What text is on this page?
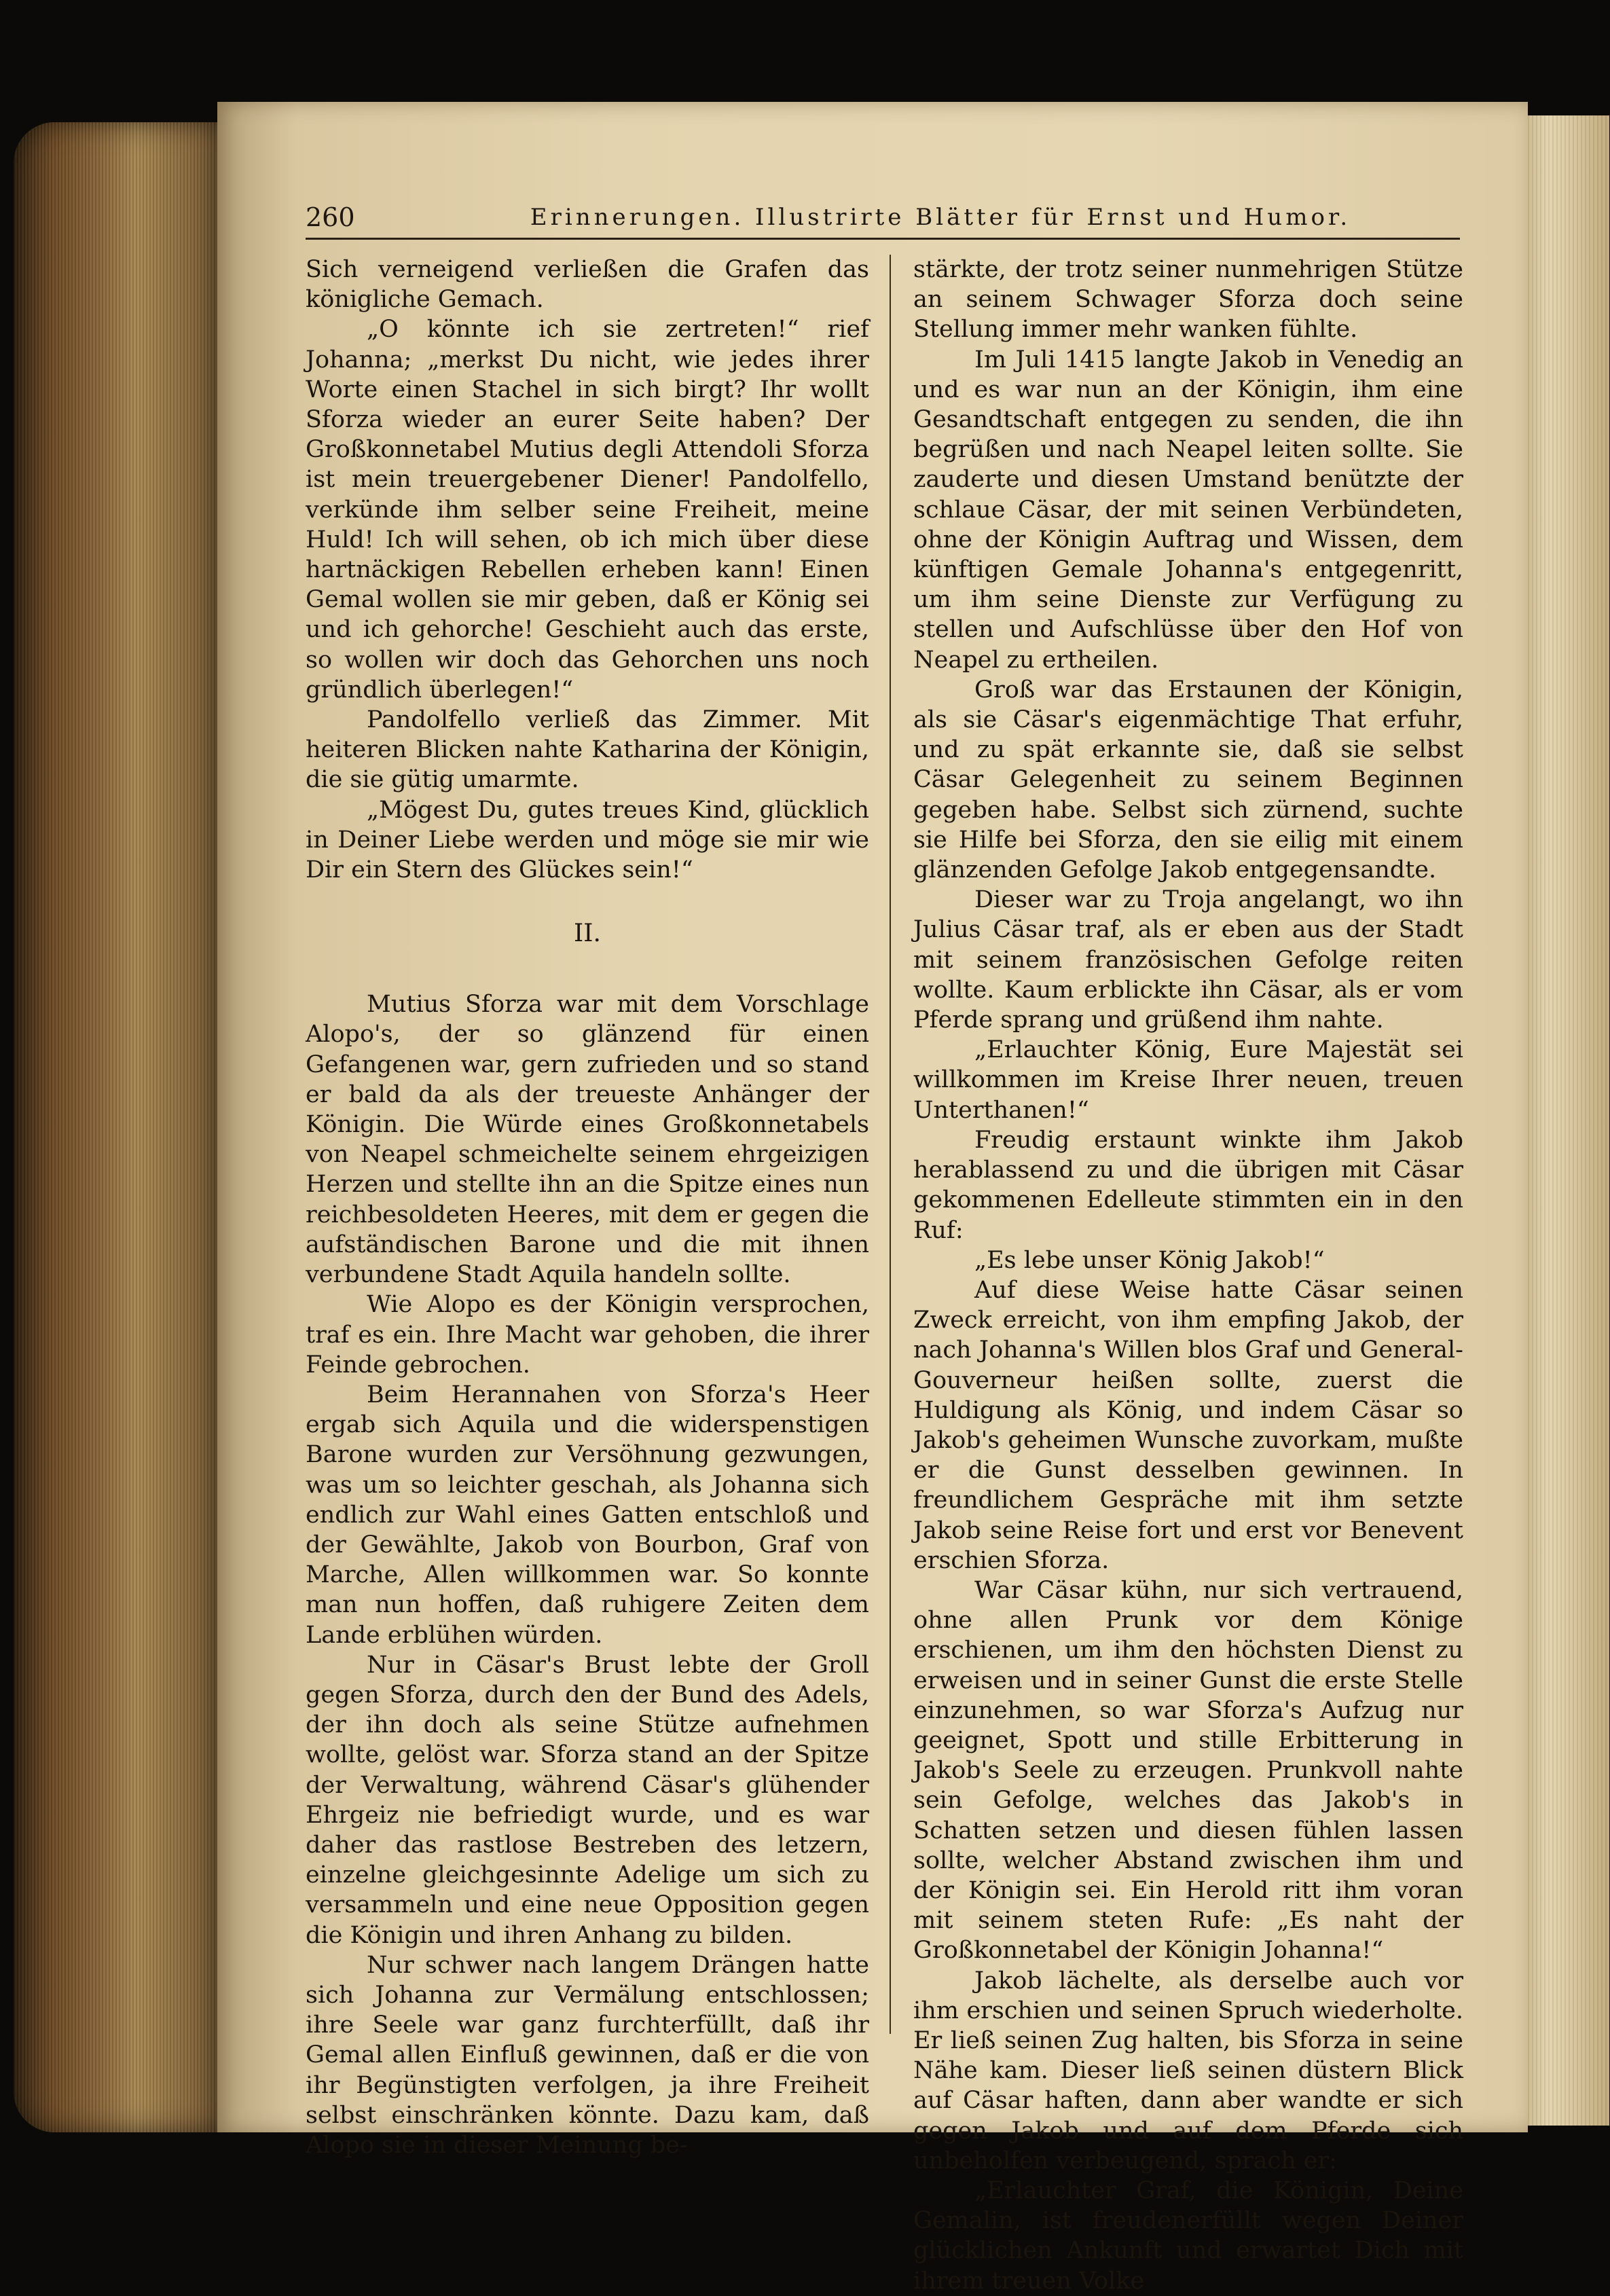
260	Erinnerungen. Illustrirte Blätter für Ernst und Humor.

Sich verneigend verließen die Grafen das königliche Gemach.

„O könnte ich sie zertreten!“ rief Johanna; „merkst Du nicht, wie jedes ihrer Worte einen Stachel in sich birgt? Ihr wollt Sforza wieder an eurer Seite haben? Der Großkonnetabel Mutius degli Attendoli Sforza ist mein treuergebener Diener! Pandolfello, verkünde ihm selber seine Freiheit, meine Huld! Ich will sehen, ob ich mich über diese hartnäckigen Rebellen erheben kann! Einen Gemal wollen sie mir geben, daß er König sei und ich gehorche! Geschieht auch das erste, so wollen wir doch das Gehorchen uns noch gründlich überlegen!“

Pandolfello verließ das Zimmer. Mit heiteren Blicken nahte Katharina der Königin, die sie gütig umarmte.

„Mögest Du, gutes treues Kind, glücklich in Deiner Liebe werden und möge sie mir wie Dir ein Stern des Glückes sein!“

II.

Mutius Sforza war mit dem Vorschlage Alopo's, der so glänzend für einen Gefangenen war, gern zufrieden und so stand er bald da als der treueste Anhänger der Königin. Die Würde eines Großkonnetabels von Neapel schmeichelte seinem ehrgeizigen Herzen und stellte ihn an die Spitze eines nun reichbesoldeten Heeres, mit dem er gegen die aufständischen Barone und die mit ihnen verbundene Stadt Aquila handeln sollte.

Wie Alopo es der Königin versprochen, traf es ein. Ihre Macht war gehoben, die ihrer Feinde gebrochen.

Beim Herannahen von Sforza's Heer ergab sich Aquila und die widerspenstigen Barone wurden zur Versöhnung gezwungen, was um so leichter geschah, als Johanna sich endlich zur Wahl eines Gatten entschloß und der Gewählte, Jakob von Bourbon, Graf von Marche, Allen willkommen war. So konnte man nun hoffen, daß ruhigere Zeiten dem Lande erblühen würden.

Nur in Cäsar's Brust lebte der Groll gegen Sforza, durch den der Bund des Adels, der ihn doch als seine Stütze aufnehmen wollte, gelöst war. Sforza stand an der Spitze der Verwaltung, während Cäsar's glühender Ehrgeiz nie befriedigt wurde, und es war daher das rastlose Bestreben des letzern, einzelne gleichgesinnte Adelige um sich zu versammeln und eine neue Opposition gegen die Königin und ihren Anhang zu bilden.

Nur schwer nach langem Drängen hatte sich Johanna zur Vermälung entschlossen; ihre Seele war ganz furchterfüllt, daß ihr Gemal allen Einfluß gewinnen, daß er die von ihr Begünstigten verfolgen, ja ihre Freiheit selbst einschränken könnte. Dazu kam, daß Alopo sie in dieser Meinung be-

stärkte, der trotz seiner nunmehrigen Stütze an seinem Schwager Sforza doch seine Stellung immer mehr wanken fühlte.

Im Juli 1415 langte Jakob in Venedig an und es war nun an der Königin, ihm eine Gesandtschaft entgegen zu senden, die ihn begrüßen und nach Neapel leiten sollte. Sie zauderte und diesen Umstand benützte der schlaue Cäsar, der mit seinen Verbündeten, ohne der Königin Auftrag und Wissen, dem künftigen Gemale Johanna's entgegenritt, um ihm seine Dienste zur Verfügung zu stellen und Aufschlüsse über den Hof von Neapel zu ertheilen.

Groß war das Erstaunen der Königin, als sie Cäsar's eigenmächtige That erfuhr, und zu spät erkannte sie, daß sie selbst Cäsar Gelegenheit zu seinem Beginnen gegeben habe. Selbst sich zürnend, suchte sie Hilfe bei Sforza, den sie eilig mit einem glänzenden Gefolge Jakob entgegensandte.

Dieser war zu Troja angelangt, wo ihn Julius Cäsar traf, als er eben aus der Stadt mit seinem französischen Gefolge reiten wollte. Kaum erblickte ihn Cäsar, als er vom Pferde sprang und grüßend ihm nahte.

„Erlauchter König, Eure Majestät sei willkommen im Kreise Ihrer neuen, treuen Unterthanen!“

Freudig erstaunt winkte ihm Jakob herablassend zu und die übrigen mit Cäsar gekommenen Edelleute stimmten ein in den Ruf:

„Es lebe unser König Jakob!“

Auf diese Weise hatte Cäsar seinen Zweck erreicht, von ihm empfing Jakob, der nach Johanna's Willen blos Graf und General-Gouverneur heißen sollte, zuerst die Huldigung als König, und indem Cäsar so Jakob's geheimen Wunsche zuvorkam, mußte er die Gunst desselben gewinnen. In freundlichem Gespräche mit ihm setzte Jakob seine Reise fort und erst vor Benevent erschien Sforza.

War Cäsar kühn, nur sich vertrauend, ohne allen Prunk vor dem Könige erschienen, um ihm den höchsten Dienst zu erweisen und in seiner Gunst die erste Stelle einzunehmen, so war Sforza's Aufzug nur geeignet, Spott und stille Erbitterung in Jakob's Seele zu erzeugen. Prunkvoll nahte sein Gefolge, welches das Jakob's in Schatten setzen und diesen fühlen lassen sollte, welcher Abstand zwischen ihm und der Königin sei. Ein Herold ritt ihm voran mit seinem steten Rufe: „Es naht der Großkonnetabel der Königin Johanna!“

Jakob lächelte, als derselbe auch vor ihm erschien und seinen Spruch wiederholte. Er ließ seinen Zug halten, bis Sforza in seine Nähe kam. Dieser ließ seinen düstern Blick auf Cäsar haften, dann aber wandte er sich gegen Jakob und auf dem Pferde sich unbeholfen verbeugend, sprach er:

„Erlauchter Graf, die Königin, Deine Gemalin, ist freudenerfüllt wegen Deiner glücklichen Ankunft und erwartet Dich mit ihrem treuen Volke
